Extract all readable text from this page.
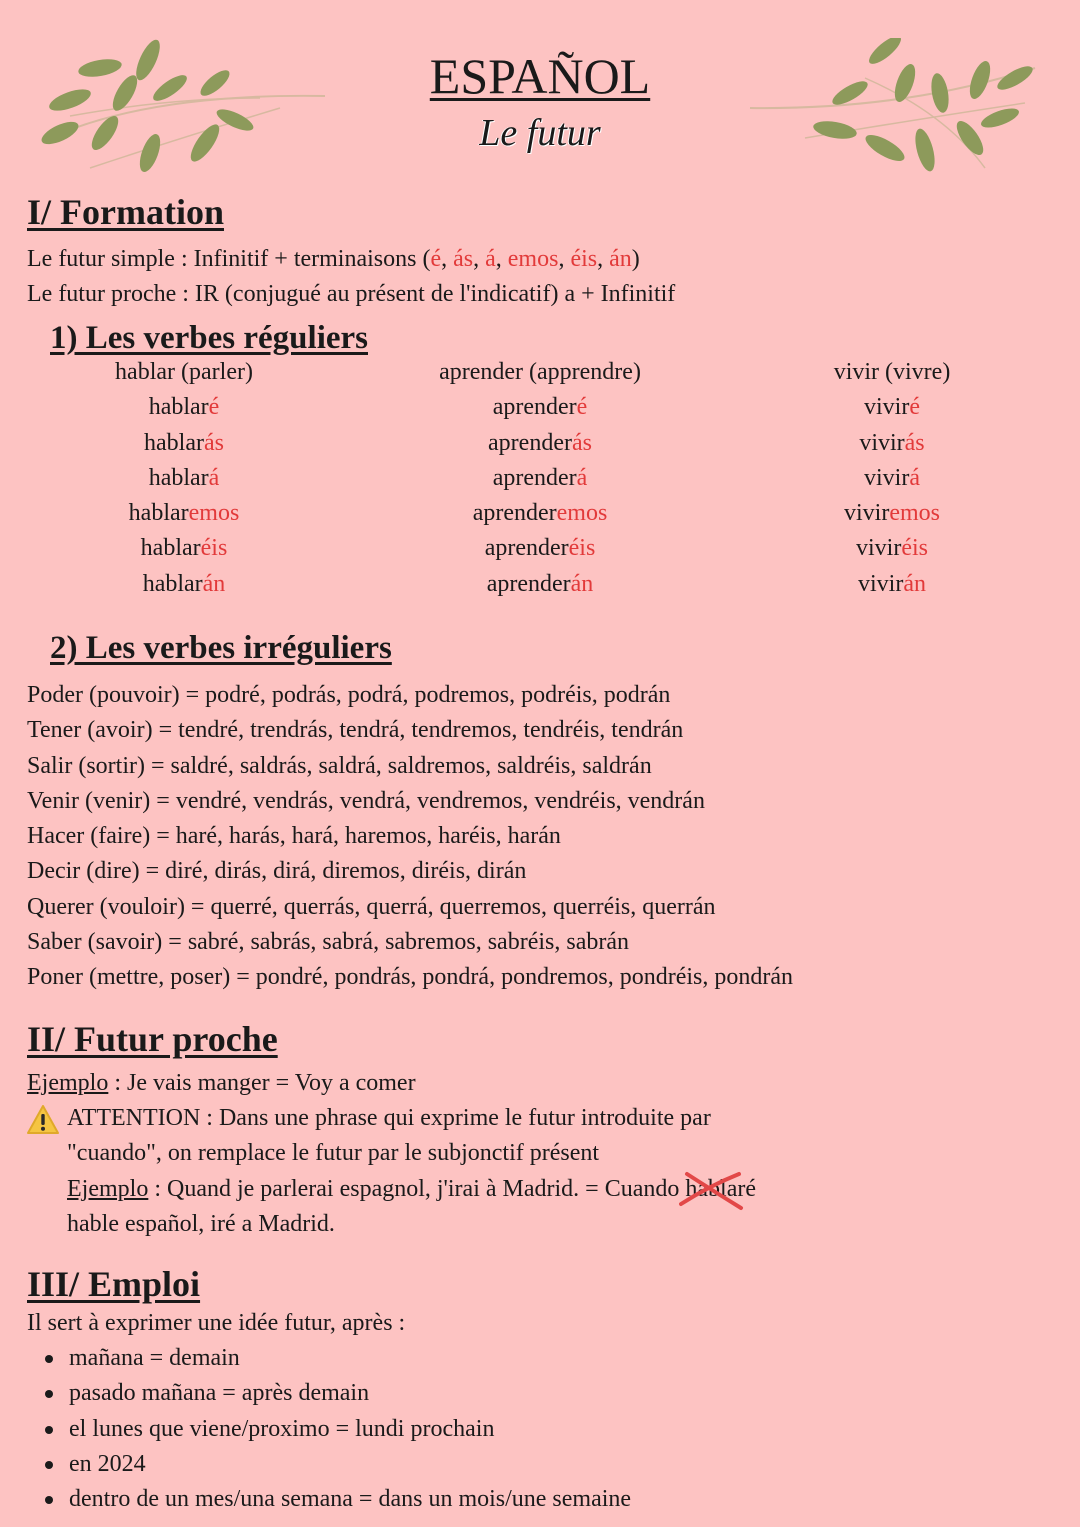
ESPAÑOL
Le futur
I/ Formation
Le futur simple : Infinitif + terminaisons (é, ás, á, emos, éis, án)
Le futur proche : IR (conjugué au présent de l'indicatif) a + Infinitif
1) Les verbes réguliers
hablar (parler)
hablaré
hablarás
hablará
hablaremos
hablaréis
hablarán
aprender (apprendre)
aprenderé
aprenderás
aprenderá
aprenderemos
aprenderéis
aprenderán
vivir (vivre)
viviré
vivirás
vivirá
viviremos
viviréis
vivirán
2) Les verbes irréguliers
Poder (pouvoir) = podré, podrás, podrá, podremos, podréis, podrán
Tener (avoir) = tendré, trendrás, tendrá, tendremos, tendréis, tendrán
Salir (sortir) = saldré, saldrás, saldrá, saldremos, saldréis, saldrán
Venir (venir) = vendré, vendrás, vendrá, vendremos, vendréis, vendrán
Hacer (faire) = haré, harás, hará, haremos, haréis, harán
Decir (dire) = diré, dirás, dirá, diremos, diréis, dirán
Querer (vouloir) = querré, querrás, querrá, querremos, querréis, querrán
Saber (savoir) = sabré, sabrás, sabrá, sabremos, sabréis, sabrán
Poner (mettre, poser) = pondré, pondrás, pondrá, pondremos, pondréis, pondrán
II/ Futur proche
Ejemplo : Je vais manger = Voy a comer
ATTENTION : Dans une phrase qui exprime le futur introduite par
"cuando", on remplace le futur par le subjonctif présent
Ejemplo : Quand je parlerai espagnol, j'irai à Madrid. = Cuando hablaré
hable español, iré a Madrid.
III/ Emploi
Il sert à exprimer une idée futur, après :
mañana = demain
pasado mañana = après demain
el lunes que viene/proximo = lundi prochain
en 2024
dentro de un mes/una semana = dans un mois/une semaine
